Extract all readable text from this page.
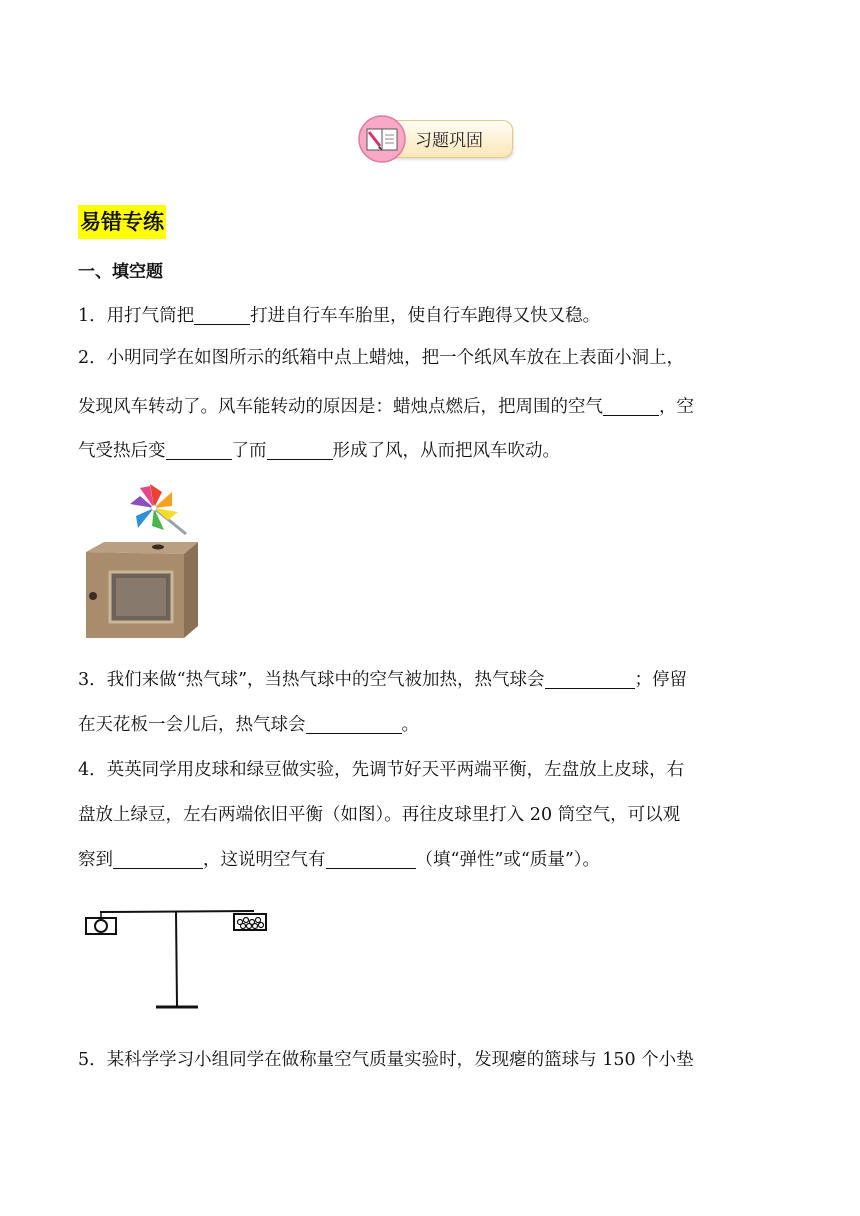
习题巩固
易错专练
一、填空题
1．用打气筒把	打进自行车车胎里，使自行车跑得又快又稳。
2．小明同学在如图所示的纸箱中点上蜡烛，把一个纸风车放在上表面小洞上，
发现风车转动了。风车能转动的原因是：蜡烛点燃后，把周围的空气	，空
气受热后变	了而	形成了风，从而把风车吹动。
3．我们来做“热气球”，当热气球中的空气被加热，热气球会	；停留
在天花板一会儿后，热气球会	。
4．英英同学用皮球和绿豆做实验，先调节好天平两端平衡，左盘放上皮球，右
盘放上绿豆，左右两端依旧平衡（如图）。再往皮球里打入 20 筒空气，可以观
察到	，这说明空气有	（填“弹性”或“质量”）。
5．某科学学习小组同学在做称量空气质量实验时，发现瘪的篮球与 150 个小垫
